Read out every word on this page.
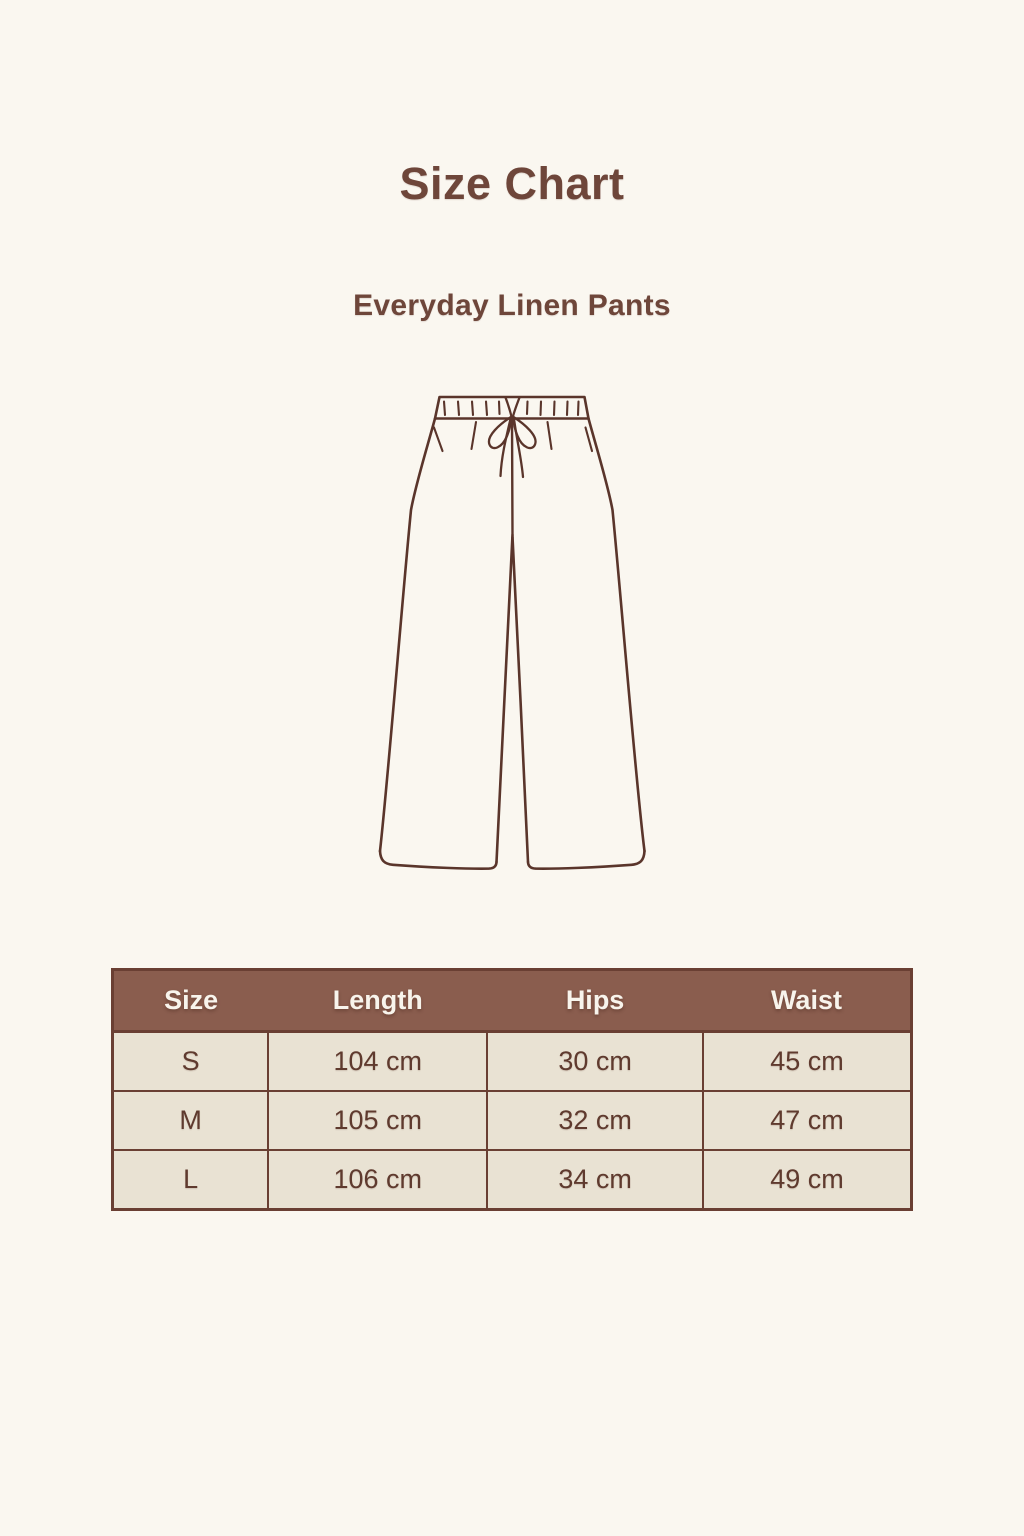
Size Chart
Everyday Linen Pants
Size	Length	Hips	Waist
S	104 cm	30 cm	45 cm
M	105 cm	32 cm	47 cm
L	106 cm	34 cm	49 cm
